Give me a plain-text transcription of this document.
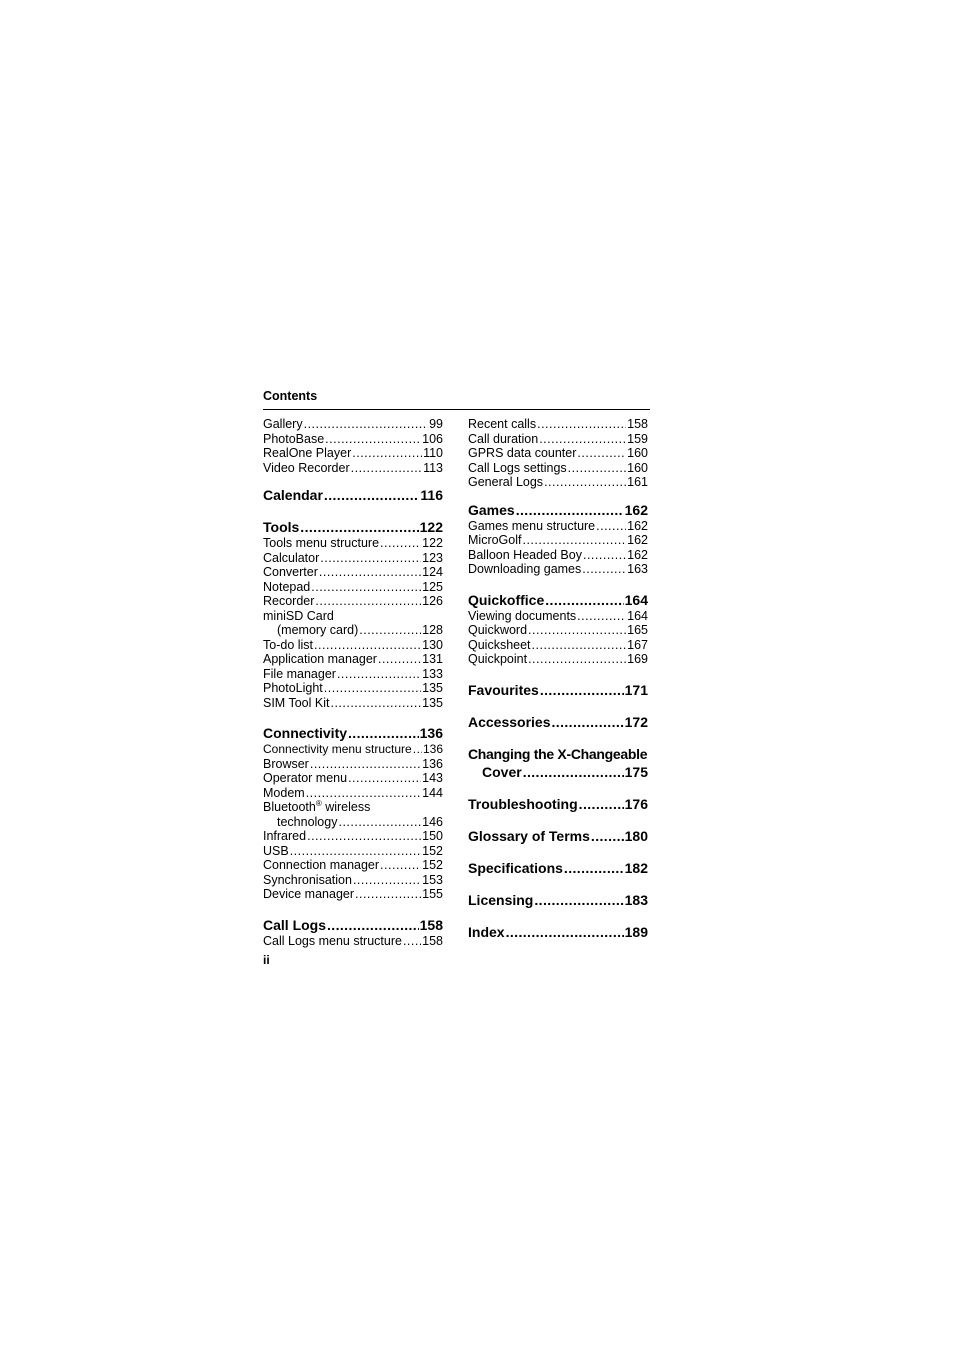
Contents
Gallery .....	99
PhotoBase .....	106
RealOne Player .....	110
Video Recorder .....	113
Calendar .....	116
Tools .....	122
Tools menu structure .....	122
Calculator .....	123
Converter .....	124
Notepad .....	125
Recorder .....	126
miniSD Card
(memory card) .....	128
To-do list .....	130
Application manager .....	131
File manager .....	133
PhotoLight .....	135
SIM Tool Kit .....	135
Connectivity .....	136
Connectivity menu structure ..... 136
Browser .....	136
Operator menu .....	143
Modem .....	144
Bluetooth® wireless
technology .....	146
Infrared .....	150
USB .....	152
Connection manager .....	152
Synchronisation .....	153
Device manager .....	155
Call Logs .....	158
Call Logs menu structure ..... 158
Recent calls .....	158
Call duration .....	159
GPRS data counter .....	160
Call Logs settings .....	160
General Logs .....	161
Games .....	162
Games menu structure .....	162
MicroGolf .....	162
Balloon Headed Boy .....	162
Downloading games .....	163
Quickoffice .....	164
Viewing documents .....	164
Quickword .....	165
Quicksheet .....	167
Quickpoint .....	169
Favourites .....	171
Accessories .....	172
Changing the X-Changeable
Cover .....	175
Troubleshooting .....	176
Glossary of Terms ..... 180
Specifications .....	182
Licensing .....	183
Index .....	189
ii
